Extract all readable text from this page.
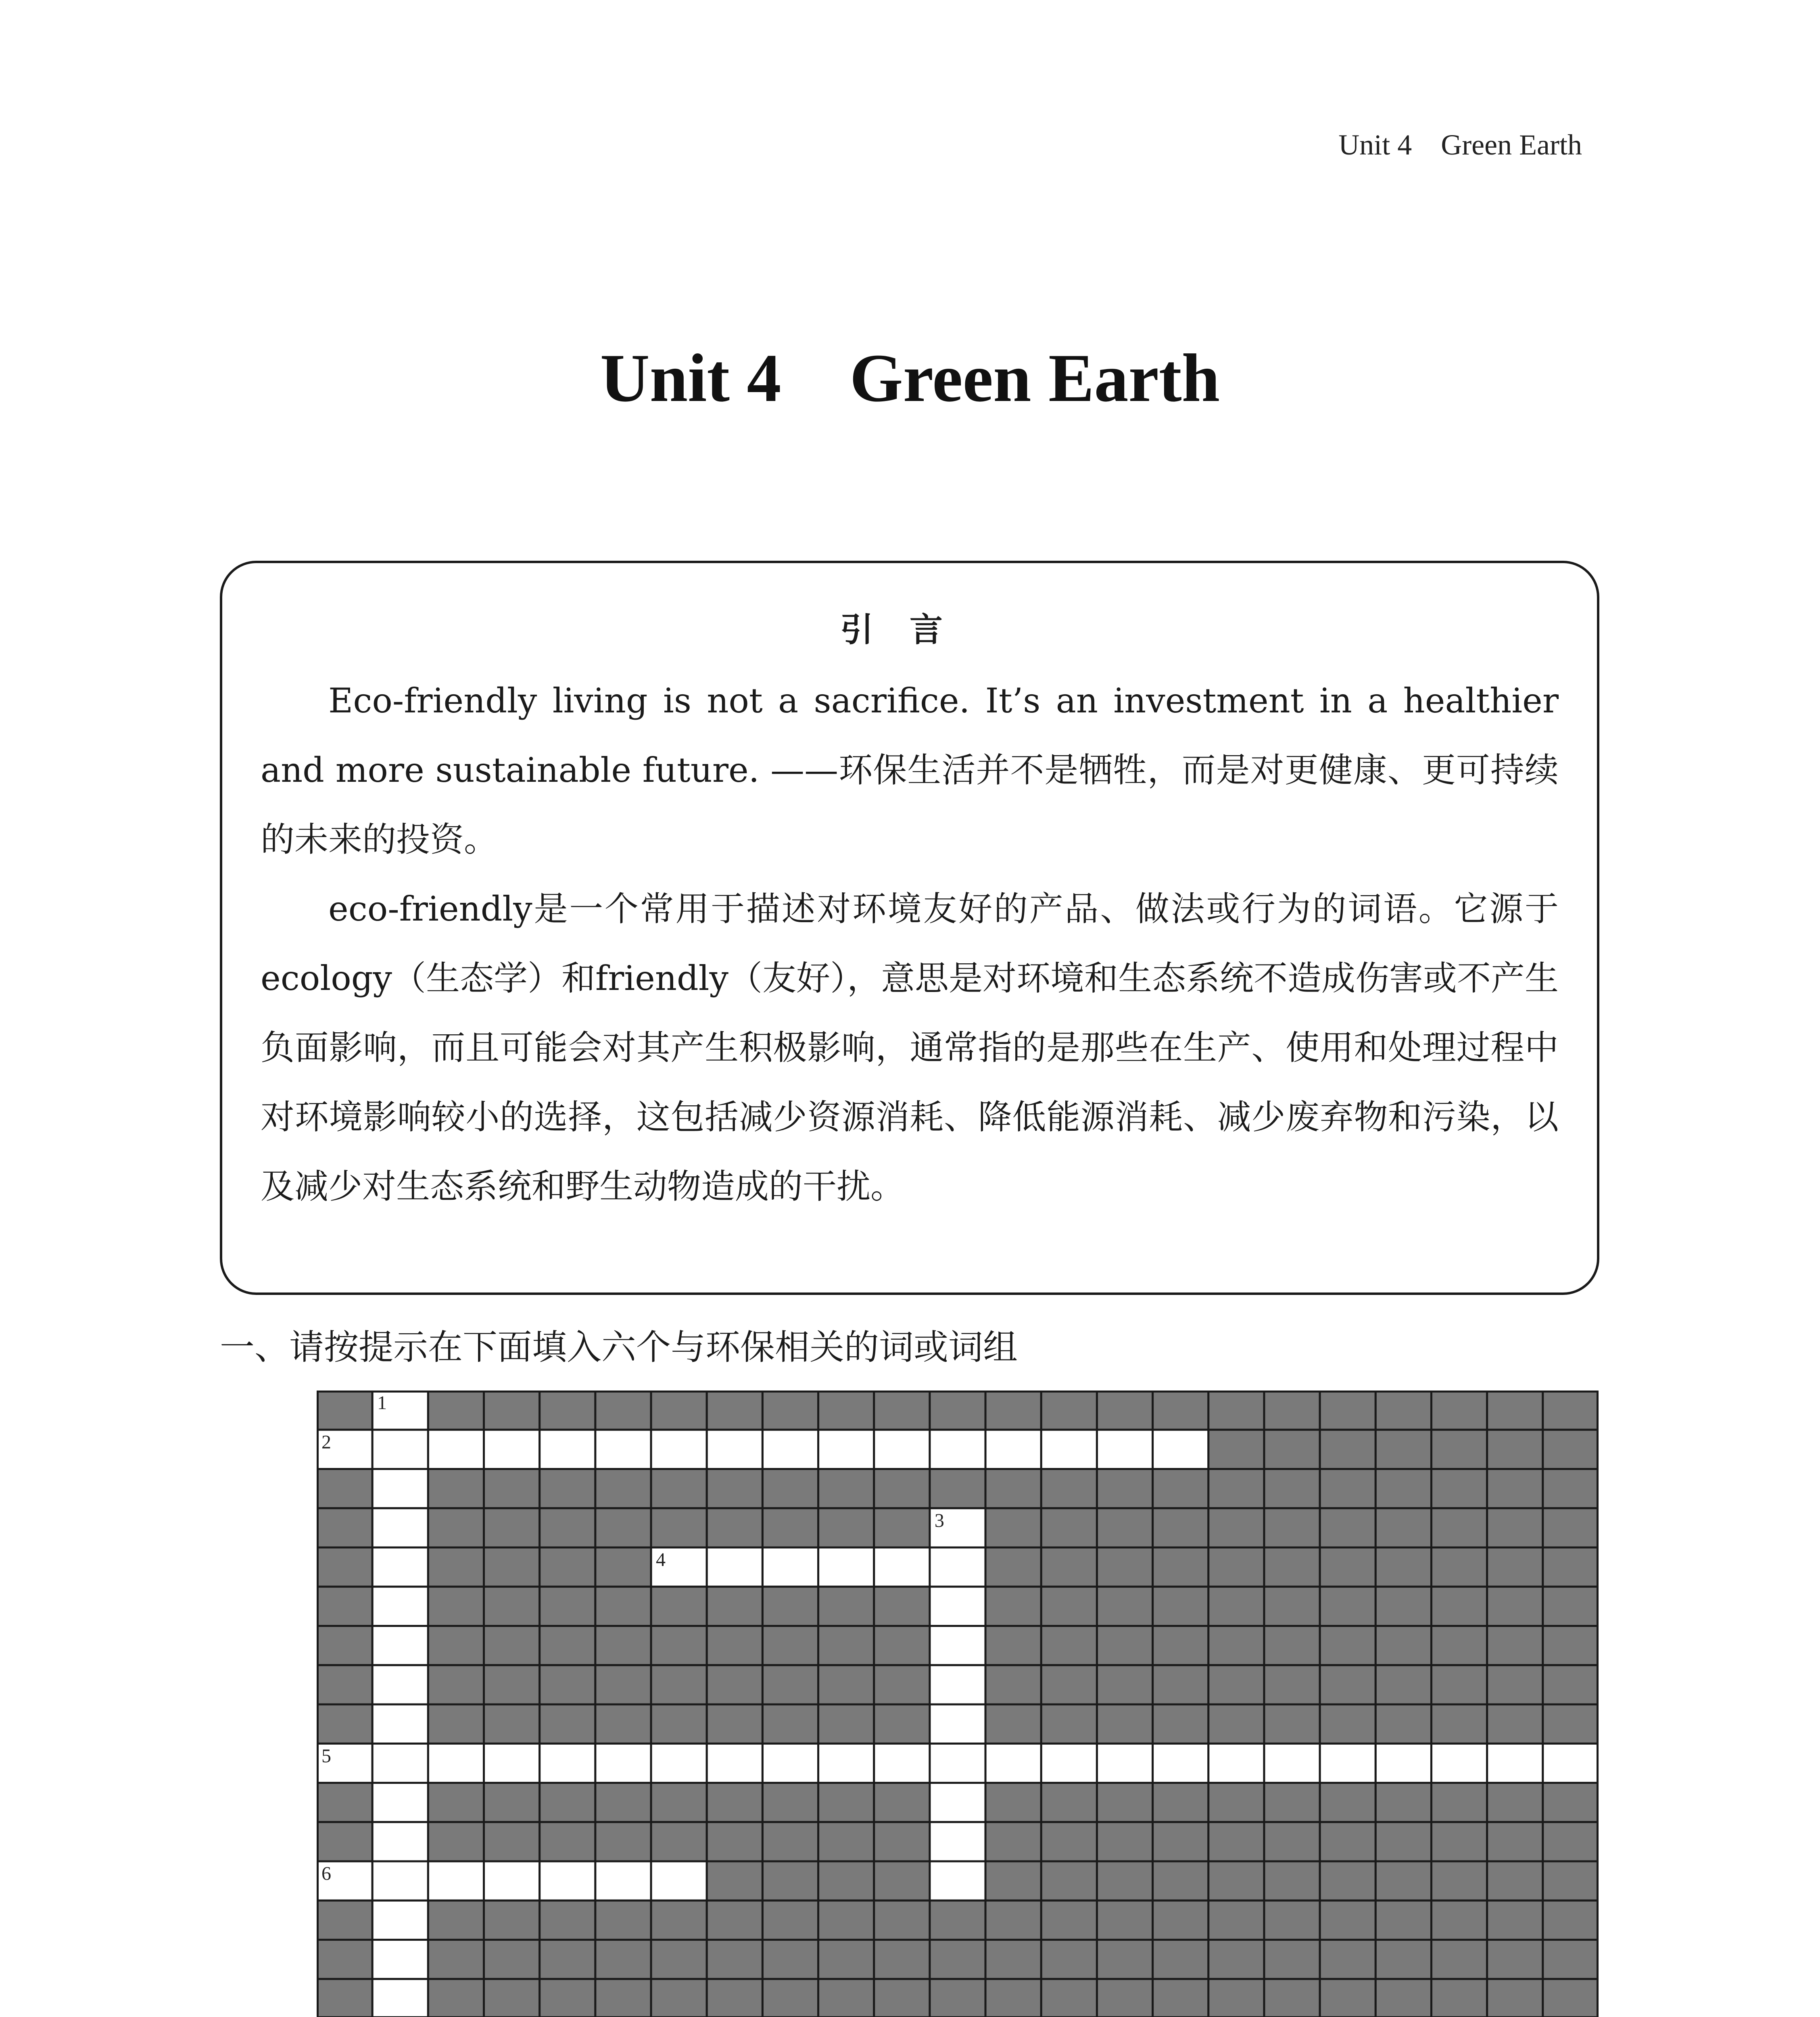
Unit 4    Green Earth
Unit 4    Green Earth
引言

Eco-friendly living is not a sacrifice. It’s an investment in a healthier and more sustainable future. ——环保生活并不是牺牲，而是对更健康、更可持续的未来的投资。

eco-friendly是一个常用于描述对环境友好的产品、做法或行为的词语。它源于ecology（生态学）和friendly（友好），意思是对环境和生态系统不造成伤害或不产生负面影响，而且可能会对其产生积极影响，通常指的是那些在生产、使用和处理过程中对环境影响较小的选择，这包括减少资源消耗、降低能源消耗、减少废弃物和污染，以及减少对生态系统和野生动物造成的干扰。

一、请按提示在下面填入六个与环保相关的词或词组
1
2
3
4
5
6
